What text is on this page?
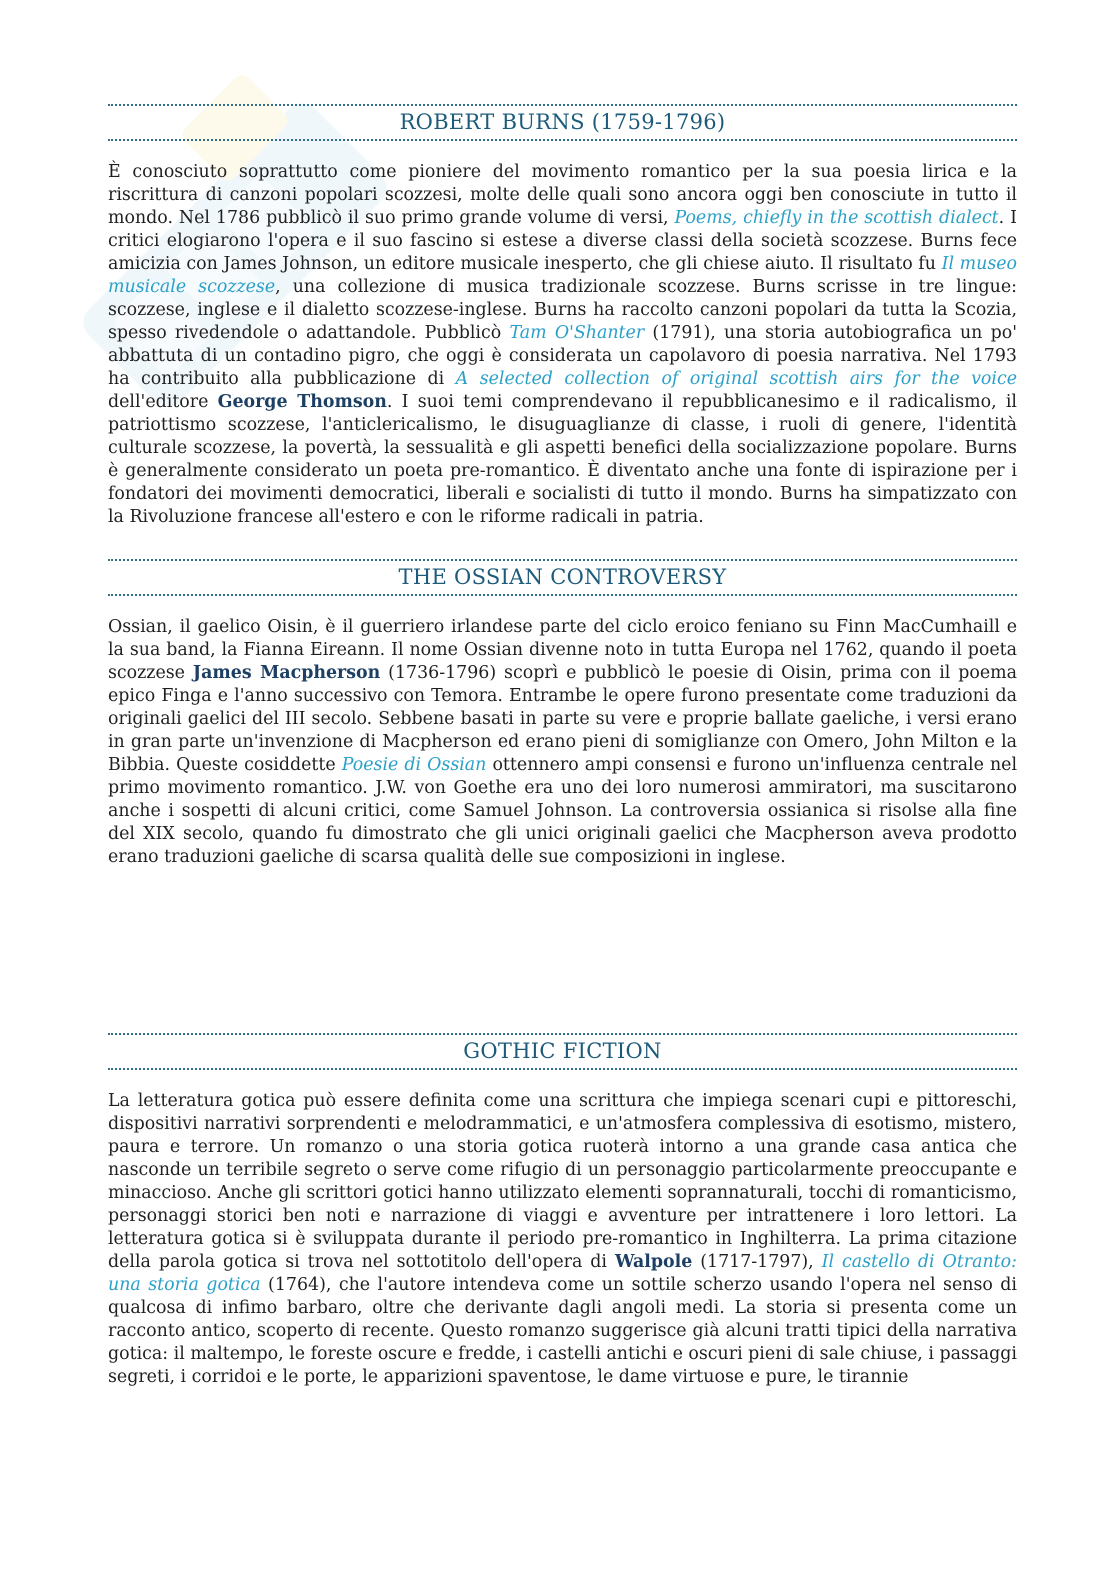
ROBERT BURNS (1759-1796)

È conosciuto soprattutto come pioniere del movimento romantico per la sua poesia lirica e la riscrittura di canzoni popolari scozzesi, molte delle quali sono ancora oggi ben conosciute in tutto il mondo. Nel 1786 pubblicò il suo primo grande volume di versi, Poems, chiefly in the scottish dialect. I critici elogiarono l'opera e il suo fascino si estese a diverse classi della società scozzese. Burns fece amicizia con James Johnson, un editore musicale inesperto, che gli chiese aiuto. Il risultato fu Il museo musicale scozzese, una collezione di musica tradizionale scozzese. Burns scrisse in tre lingue: scozzese, inglese e il dialetto scozzese-inglese. Burns ha raccolto canzoni popolari da tutta la Scozia, spesso rivedendole o adattandole. Pubblicò Tam O'Shanter (1791), una storia autobiografica un po' abbattuta di un contadino pigro, che oggi è considerata un capolavoro di poesia narrativa. Nel 1793 ha contribuito alla pubblicazione di A selected collection of original scottish airs for the voice dell'editore George Thomson. I suoi temi comprendevano il repubblicanesimo e il radicalismo, il patriottismo scozzese, l'anticlericalismo, le disuguaglianze di classe, i ruoli di genere, l'identità culturale scozzese, la povertà, la sessualità e gli aspetti benefici della socializzazione popolare. Burns è generalmente considerato un poeta pre-romantico. È diventato anche una fonte di ispirazione per i fondatori dei movimenti democratici, liberali e socialisti di tutto il mondo. Burns ha simpatizzato con la Rivoluzione francese all'estero e con le riforme radicali in patria.

THE OSSIAN CONTROVERSY

Ossian, il gaelico Oisin, è il guerriero irlandese parte del ciclo eroico feniano su Finn MacCumhaill e la sua band, la Fianna Eireann. Il nome Ossian divenne noto in tutta Europa nel 1762, quando il poeta scozzese James Macpherson (1736-1796) scoprì e pubblicò le poesie di Oisin, prima con il poema epico Finga e l'anno successivo con Temora. Entrambe le opere furono presentate come traduzioni da originali gaelici del III secolo. Sebbene basati in parte su vere e proprie ballate gaeliche, i versi erano in gran parte un'invenzione di Macpherson ed erano pieni di somiglianze con Omero, John Milton e la Bibbia. Queste cosiddette Poesie di Ossian ottennero ampi consensi e furono un'influenza centrale nel primo movimento romantico. J.W. von Goethe era uno dei loro numerosi ammiratori, ma suscitarono anche i sospetti di alcuni critici, come Samuel Johnson. La controversia ossianica si risolse alla fine del XIX secolo, quando fu dimostrato che gli unici originali gaelici che Macpherson aveva prodotto erano traduzioni gaeliche di scarsa qualità delle sue composizioni in inglese.

GOTHIC FICTION

La letteratura gotica può essere definita come una scrittura che impiega scenari cupi e pittoreschi, dispositivi narrativi sorprendenti e melodrammatici, e un'atmosfera complessiva di esotismo, mistero, paura e terrore. Un romanzo o una storia gotica ruoterà intorno a una grande casa antica che nasconde un terribile segreto o serve come rifugio di un personaggio particolarmente preoccupante e minaccioso. Anche gli scrittori gotici hanno utilizzato elementi soprannaturali, tocchi di romanticismo, personaggi storici ben noti e narrazione di viaggi e avventure per intrattenere i loro lettori. La letteratura gotica si è sviluppata durante il periodo pre-romantico in Inghilterra. La prima citazione della parola gotica si trova nel sottotitolo dell'opera di Walpole (1717-1797), Il castello di Otranto: una storia gotica (1764), che l'autore intendeva come un sottile scherzo usando l'opera nel senso di qualcosa di infimo barbaro, oltre che derivante dagli angoli medi. La storia si presenta come un racconto antico, scoperto di recente. Questo romanzo suggerisce già alcuni tratti tipici della narrativa gotica: il maltempo, le foreste oscure e fredde, i castelli antichi e oscuri pieni di sale chiuse, i passaggi segreti, i corridoi e le porte, le apparizioni spaventose, le dame virtuose e pure, le tirannie
